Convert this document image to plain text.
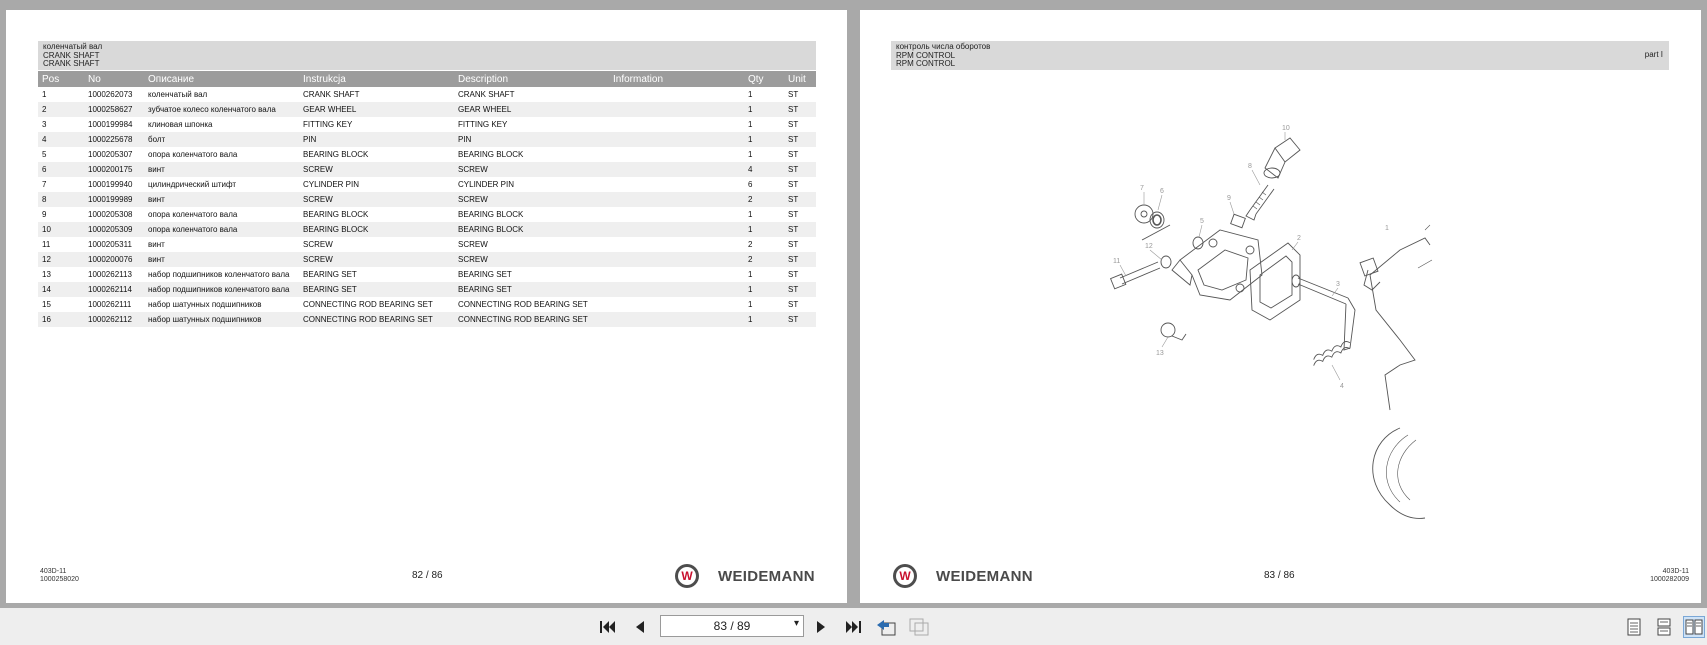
коленчатый вал
CRANK SHAFT
CRANK SHAFT
Pos	No	Описание	Instrukcja	Description	Information	Qty	Unit
1	1000262073	коленчатый вал	CRANK SHAFT	CRANK SHAFT		1	ST
2	1000258627	зубчатое колесо коленчатого вала	GEAR WHEEL	GEAR WHEEL		1	ST
3	1000199984	клиновая шпонка	FITTING KEY	FITTING KEY		1	ST
4	1000225678	болт	PIN	PIN		1	ST
5	1000205307	опора коленчатого вала	BEARING BLOCK	BEARING BLOCK		1	ST
6	1000200175	винт	SCREW	SCREW		4	ST
7	1000199940	цилиндрический штифт	CYLINDER PIN	CYLINDER PIN		6	ST
8	1000199989	винт	SCREW	SCREW		2	ST
9	1000205308	опора коленчатого вала	BEARING BLOCK	BEARING BLOCK		1	ST
10	1000205309	опора коленчатого вала	BEARING BLOCK	BEARING BLOCK		1	ST
11	1000205311	винт	SCREW	SCREW		2	ST
12	1000200076	винт	SCREW	SCREW		2	ST
13	1000262113	набор подшипников коленчатого вала	BEARING SET	BEARING SET		1	ST
14	1000262114	набор подшипников коленчатого вала	BEARING SET	BEARING SET		1	ST
15	1000262111	набор шатунных подшипников	CONNECTING ROD BEARING SET	CONNECTING ROD BEARING SET		1	ST
16	1000262112	набор шатунных подшипников	CONNECTING ROD BEARING SET	CONNECTING ROD BEARING SET		1	ST
403D-11
1000258020	82 / 86	W WEIDEMANN
контроль числа оборотов
RPM CONTROL
RPM CONTROL
part I
10
8
7 6
5
9
12
11
2
3
1
4
13
W WEIDEMANN	83 / 86	403D-11
1000282009
83 / 89	▾
